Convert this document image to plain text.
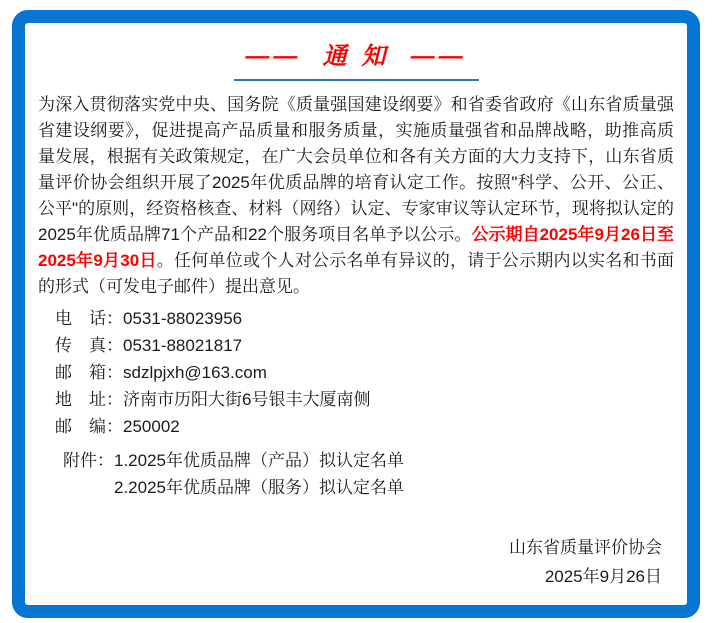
——  通 知  ——
为深入贯彻落实党中央、国务院《质量强国建设纲要》和省委省政府《山东省质量强省建设纲要》，促进提高产品质量和服务质量，实施质量强省和品牌战略，助推高质量发展，根据有关政策规定，在广大会员单位和各有关方面的大力支持下，山东省质量评价协会组织开展了2025年优质品牌的培育认定工作。按照"科学、公开、公正、公平"的原则，经资格核查、材料（网络）认定、专家审议等认定环节，现将拟认定的2025年优质品牌71个产品和22个服务项目名单予以公示。公示期自2025年9月26日至2025年9月30日。任何单位或个人对公示名单有异议的，请于公示期内以实名和书面的形式（可发电子邮件）提出意见。
电　话：0531-88023956
传　真：0531-88021817
邮　箱：sdzlpjxh@163.com
地　址：济南市历阳大街6号银丰大厦南侧
邮　编：250002
附件： 1.2025年优质品牌（产品）拟认定名单
2.2025年优质品牌（服务）拟认定名单
山东省质量评价协会
2025年9月26日
